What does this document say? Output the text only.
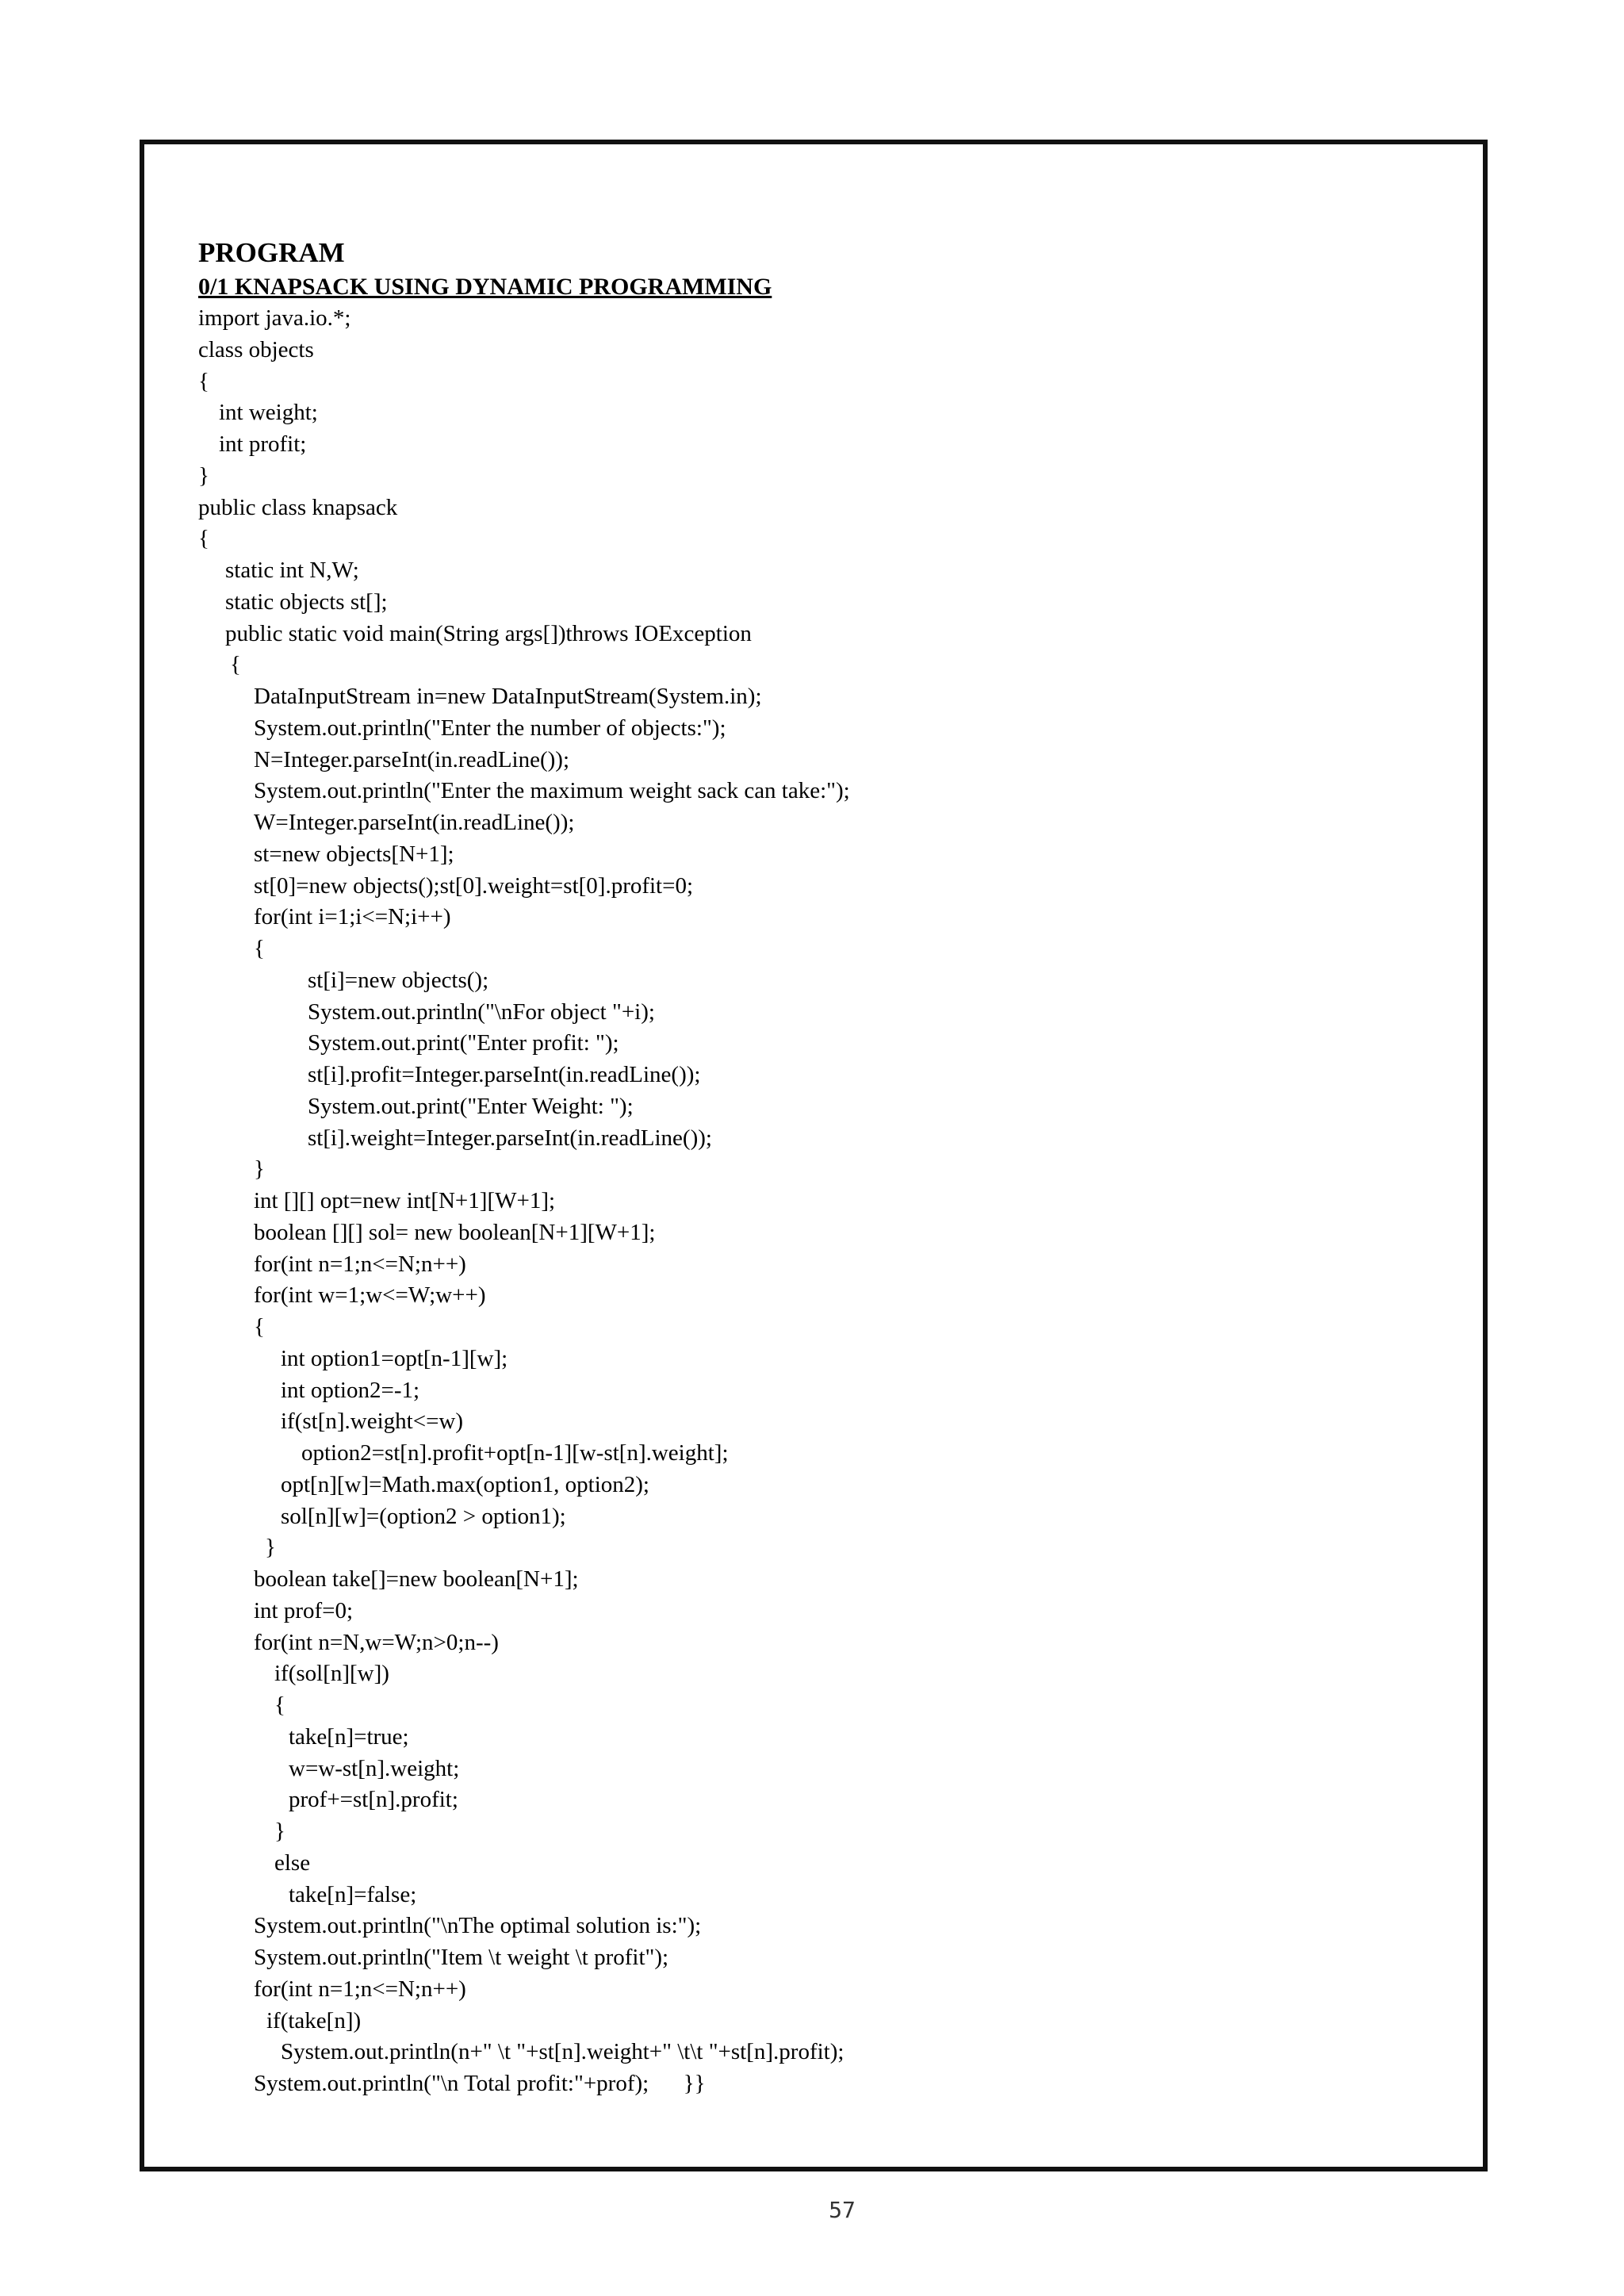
PROGRAM
0/1 KNAPSACK USING DYNAMIC PROGRAMMING
import java.io.*;
class objects
{
int weight;
int profit;
}
public class knapsack
{
static int N,W;
static objects st[];
public static void main(String args[])throws IOException
{
DataInputStream in=new DataInputStream(System.in);
System.out.println("Enter the number of objects:");
N=Integer.parseInt(in.readLine());
System.out.println("Enter the maximum weight sack can take:");
W=Integer.parseInt(in.readLine());
st=new objects[N+1];
st[0]=new objects();st[0].weight=st[0].profit=0;
for(int i=1;i<=N;i++)
{
st[i]=new objects();
System.out.println("\nFor object "+i);
System.out.print("Enter profit: ");
st[i].profit=Integer.parseInt(in.readLine());
System.out.print("Enter Weight: ");
st[i].weight=Integer.parseInt(in.readLine());
}
int [][] opt=new int[N+1][W+1];
boolean [][] sol= new boolean[N+1][W+1];
for(int n=1;n<=N;n++)
for(int w=1;w<=W;w++)
{
int option1=opt[n-1][w];
int option2=-1;
if(st[n].weight<=w)
option2=st[n].profit+opt[n-1][w-st[n].weight];
opt[n][w]=Math.max(option1, option2);
sol[n][w]=(option2 > option1);
}
boolean take[]=new boolean[N+1];
int prof=0;
for(int n=N,w=W;n>0;n--)
if(sol[n][w])
{
take[n]=true;
w=w-st[n].weight;
prof+=st[n].profit;
}
else
take[n]=false;
System.out.println("\nThe optimal solution is:");
System.out.println("Item \t weight \t profit");
for(int n=1;n<=N;n++)
if(take[n])
System.out.println(n+" \t "+st[n].weight+" \t\t "+st[n].profit);
System.out.println("\n Total profit:"+prof);      }}
57
